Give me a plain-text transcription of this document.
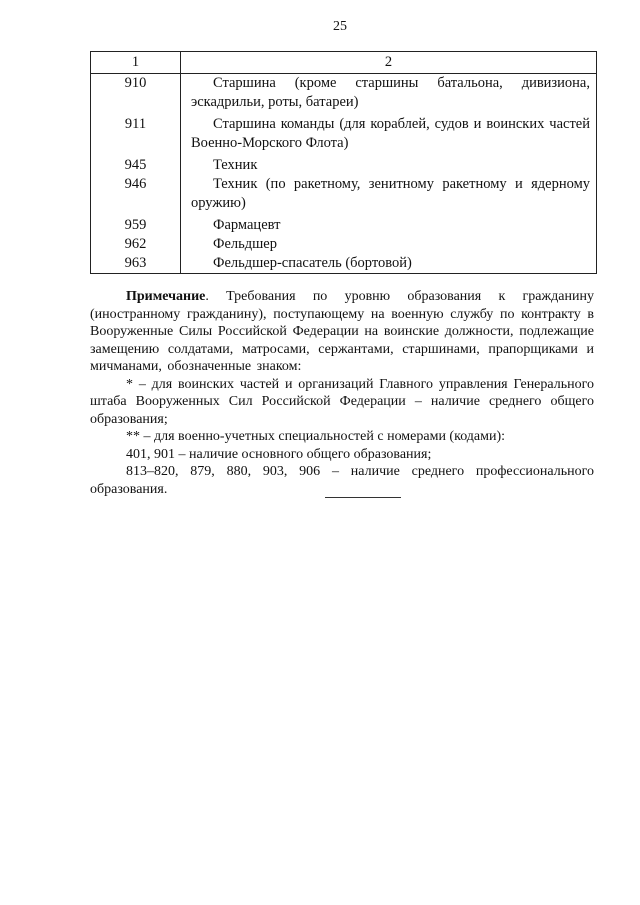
25
1	2
910	Старшина (кроме старшины батальона, дивизиона, эскадрильи, роты, батареи)
911	Старшина команды (для кораблей, судов и воинских частей Военно-Морского Флота)
945	Техник
946	Техник (по ракетному, зенитному ракетному и ядерному оружию)
959	Фармацевт
962	Фельдшер
963	Фельдшер-спасатель (бортовой)

Примечание. Требования по уровню образования к гражданину (иностранному гражданину), поступающему на военную службу по контракту в Вооруженные Силы Российской Федерации на воинские должности, подлежащие замещению солдатами, матросами, сержантами, старшинами, прапорщиками и мичманами, обозначенные знаком:

* – для воинских частей и организаций Главного управления Генерального штаба Вооруженных Сил Российской Федерации – наличие среднего общего образования;

** – для военно-учетных специальностей с номерами (кодами):

401, 901 – наличие основного общего образования;

813–820, 879, 880, 903, 906 – наличие среднего профессионального образования.
